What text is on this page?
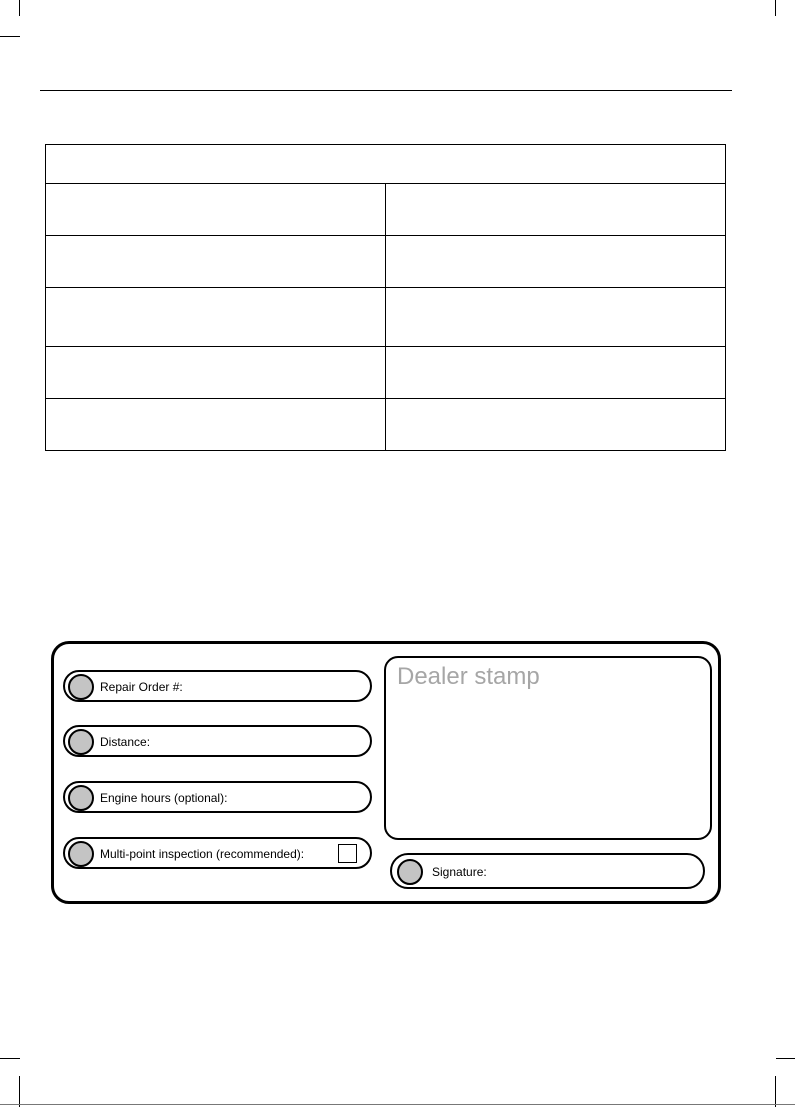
Repair Order #:
Distance:
Engine hours (optional):
Multi-point inspection (recommended):
Dealer stamp
Signature:
